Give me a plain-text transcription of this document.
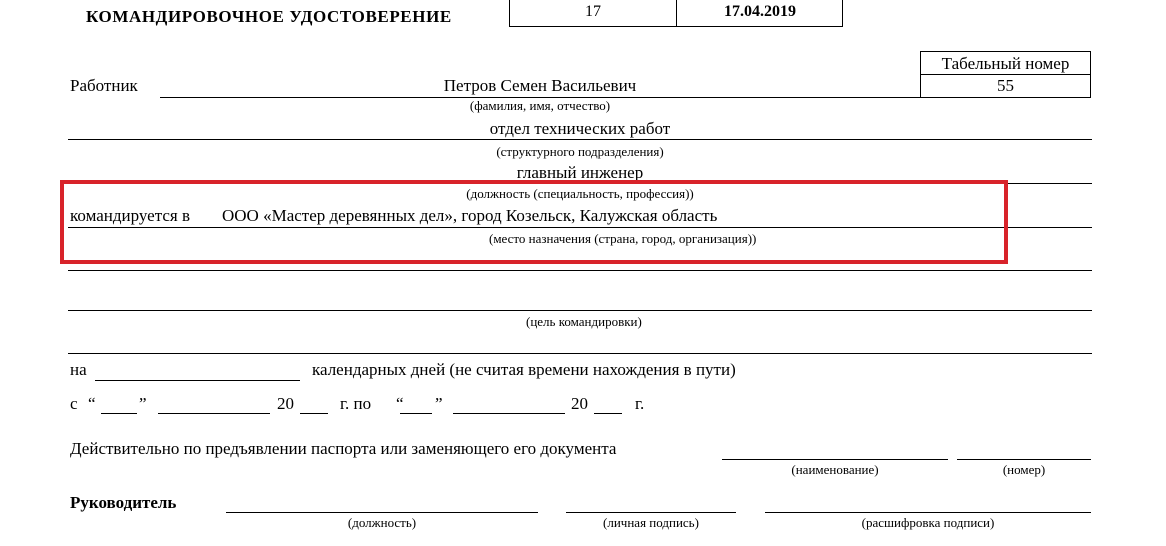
КОМАНДИРОВОЧНОЕ УДОСТОВЕРЕНИЕ	17	17.04.2019
Табельный номер
55
Работник	Петров Семен Васильевич
(фамилия, имя, отчество)
отдел технических работ
(структурного подразделения)
главный инженер
(должность (специальность, профессия))
командируется в ООО «Мастер деревянных дел», город Козельск, Калужская область
(место назначения (страна, город, организация))
(цель командировки)
на	календарных дней (не считая времени нахождения в пути)
с “	”	20	г. по “ ”	20	г.
Действительно по предъявлении паспорта или заменяющего его документа
(наименование)	(номер)
Руководитель
(должность)	(личная подпись)	(расшифровка подписи)
